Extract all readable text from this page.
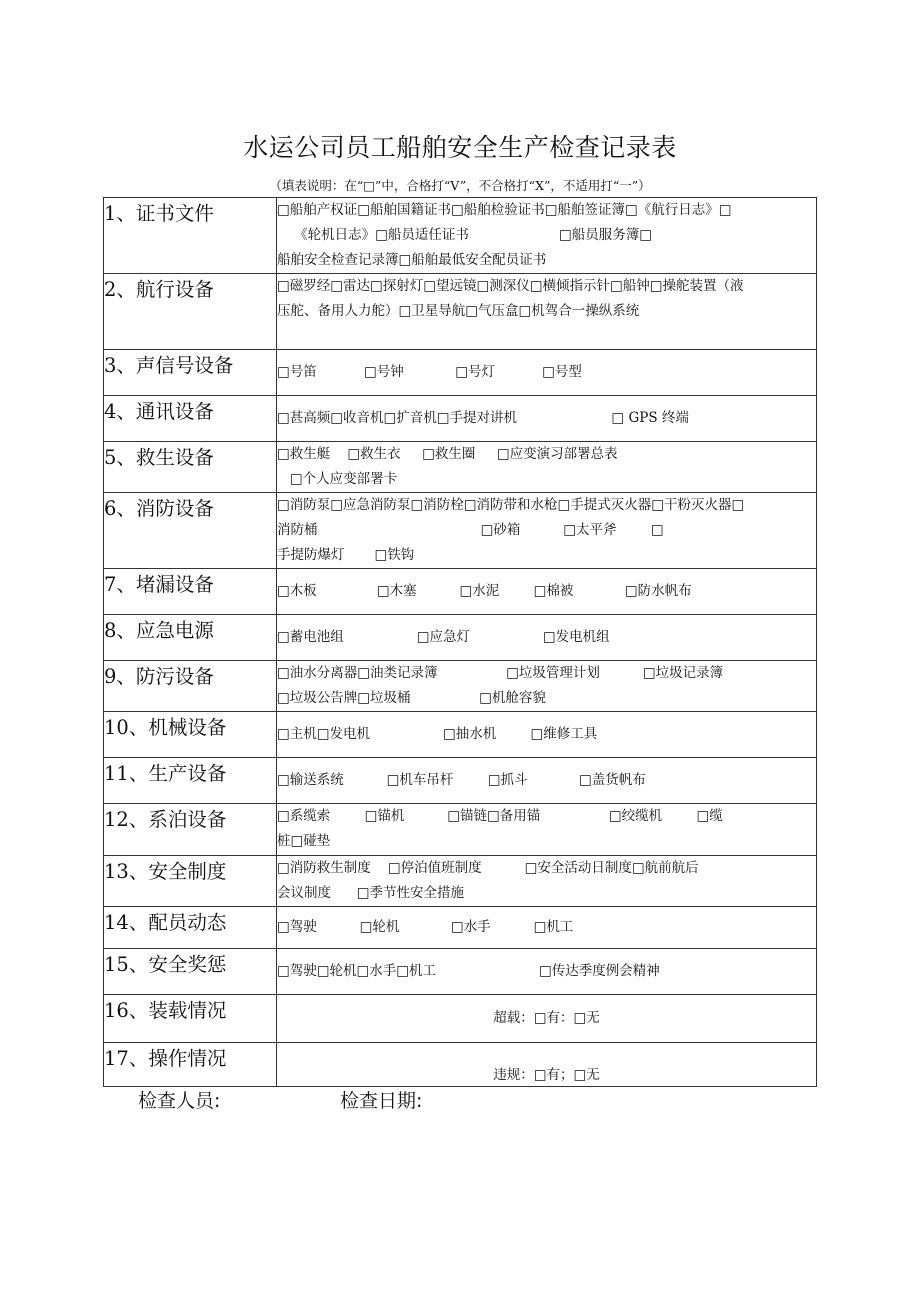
水运公司员工船舶安全生产检查记录表
（填表说明：在“□”中，合格打“V”，不合格打“X”，不适用打“一”）
1、证书文件	□船舶产权证□船舶国籍证书□船舶检验证书□船舶签证簿□《航行日志》□
《轮机日志》□船员适任证书                     □船员服务簿□
船舶安全检查记录簿□船舶最低安全配员证书
2、航行设备	□磁罗经□雷达□探射灯□望远镜□测深仪□横倾指示针□船钟□操舵装置（液
压舵、备用人力舵）□卫星导航□气压盒□机驾合一操纵系统
3、声信号设备	□号笛           □号钟            □号灯           □号型
4、通讯设备	□甚高频□收音机□扩音机□手提对讲机                      □ GPS 终端
5、救生设备	□救生艇    □救生衣     □救生圈     □应变演习部署总表
□个人应变部署卡
6、消防设备	□消防泵□应急消防泵□消防栓□消防带和水枪□手提式灭火器□干粉灭火器□
消防桶                                      □砂箱          □太平斧        □
手提防爆灯       □铁钩
7、堵漏设备	□木板              □木塞          □水泥        □棉被            □防水帆布
8、应急电源	□蓄电池组                 □应急灯                 □发电机组
9、防污设备	□油水分离器□油类记录簿                □垃圾管理计划          □垃圾记录簿
□垃圾公告牌□垃圾桶                □机舱容貌
10、机械设备	□主机□发电机                 □抽水机        □维修工具
11、生产设备	□输送系统          □机车吊杆        □抓斗            □盖货帆布
12、系泊设备	□系缆索        □锚机          □锚链□备用锚                □绞缆机        □缆
桩□碰垫
13、安全制度	□消防救生制度    □停泊值班制度          □安全活动日制度□航前航后
会议制度      □季节性安全措施
14、配员动态	□驾驶          □轮机            □水手          □机工
15、安全奖惩	□驾驶□轮机□水手□机工                        □传达季度例会精神
16、装载情况	超载：□有：□无
17、操作情况	违规：□有；□无
检查人员:	检查日期:
